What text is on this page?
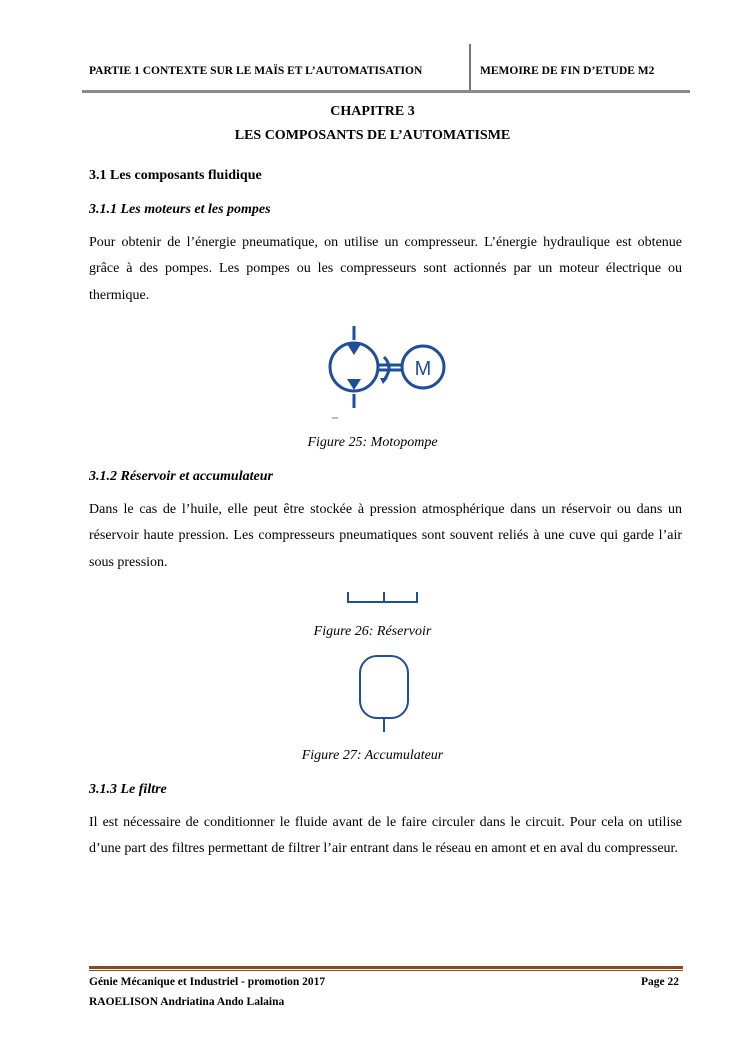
PARTIE 1 CONTEXTE SUR LE MAÏS ET L’AUTOMATISATION	MEMOIRE DE FIN D’ETUDE M2
CHAPITRE 3
LES COMPOSANTS DE L’AUTOMATISME
3.1 Les composants fluidique
3.1.1 Les moteurs et les pompes

Pour obtenir de l’énergie pneumatique, on utilise un compresseur. L’énergie hydraulique est obtenue grâce à des pompes. Les pompes ou les compresseurs sont actionnés par un moteur électrique ou thermique.

M
Figure 25: Motopompe
3.1.2 Réservoir et accumulateur

Dans le cas de l’huile, elle peut être stockée à pression atmosphérique dans un réservoir ou dans un réservoir haute pression. Les compresseurs pneumatiques sont souvent reliés à une cuve qui garde l’air sous pression.

Figure 26: Réservoir
Figure 27: Accumulateur
3.1.3 Le filtre

Il est nécessaire de conditionner le fluide avant de le faire circuler dans le circuit. Pour cela on utilise d’une part des filtres permettant de filtrer l’air entrant dans le réseau en amont et en aval du compresseur.

Génie Mécanique et Industriel - promotion 2017	Page 22
RAOELISON Andriatina Ando Lalaina
